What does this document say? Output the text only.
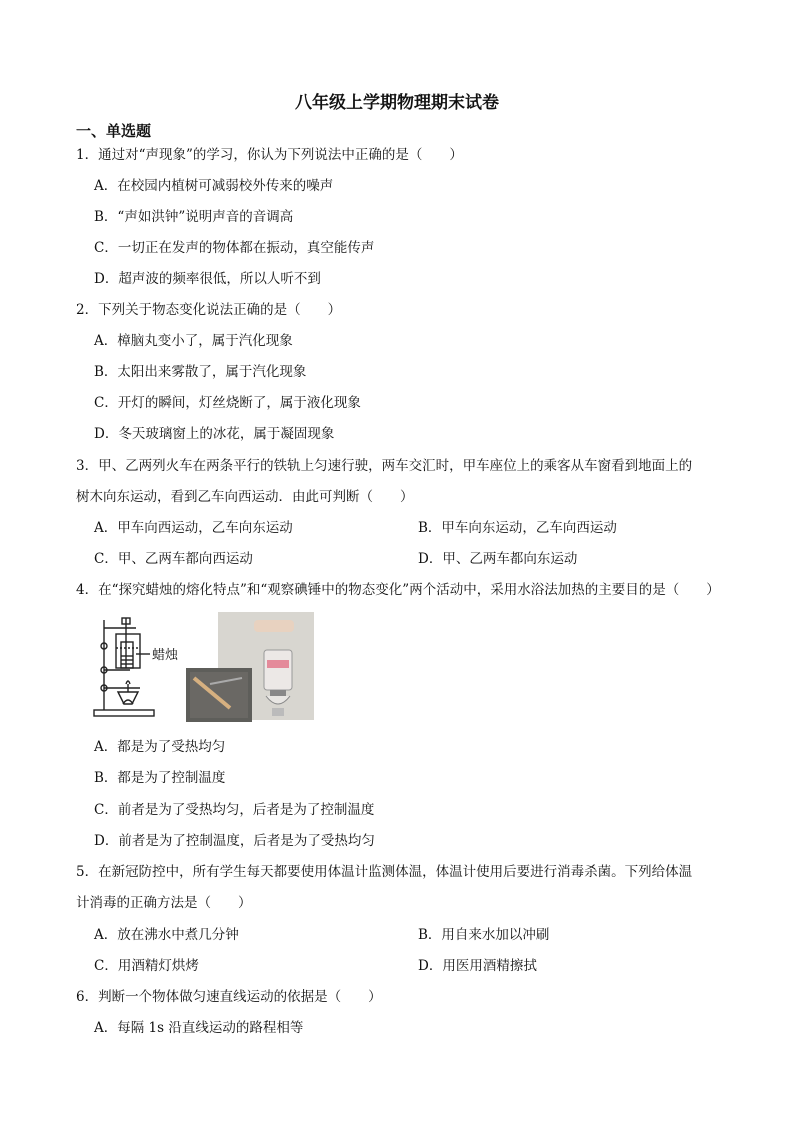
八年级上学期物理期末试卷
一、单选题
1．通过对“声现象”的学习，你认为下列说法中正确的是（　　）
A．在校园内植树可减弱校外传来的噪声
B．“声如洪钟”说明声音的音调高
C．一切正在发声的物体都在振动，真空能传声
D．超声波的频率很低，所以人听不到
2．下列关于物态变化说法正确的是（　　）
A．樟脑丸变小了，属于汽化现象
B．太阳出来雾散了，属于汽化现象
C．开灯的瞬间，灯丝烧断了，属于液化现象
D．冬天玻璃窗上的冰花，属于凝固现象
3．甲、乙两列火车在两条平行的铁轨上匀速行驶，两车交汇时，甲车座位上的乘客从车窗看到地面上的
树木向东运动，看到乙车向西运动．由此可判断（　　）
A．甲车向西运动，乙车向东运动	B．甲车向东运动，乙车向西运动
C．甲、乙两车都向西运动	D．甲、乙两车都向东运动
4．在“探究蜡烛的熔化特点”和“观察碘锤中的物态变化”两个活动中，采用水浴法加热的主要目的是（　　）
蜡烛
A．都是为了受热均匀
B．都是为了控制温度
C．前者是为了受热均匀，后者是为了控制温度
D．前者是为了控制温度，后者是为了受热均匀
5．在新冠防控中，所有学生每天都要使用体温计监测体温，体温计使用后要进行消毒杀菌。下列给体温
计消毒的正确方法是（　　）
A．放在沸水中煮几分钟	B．用自来水加以冲刷
C．用酒精灯烘烤	D．用医用酒精擦拭
6．判断一个物体做匀速直线运动的依据是（　　）
A．每隔 1s 沿直线运动的路程相等
